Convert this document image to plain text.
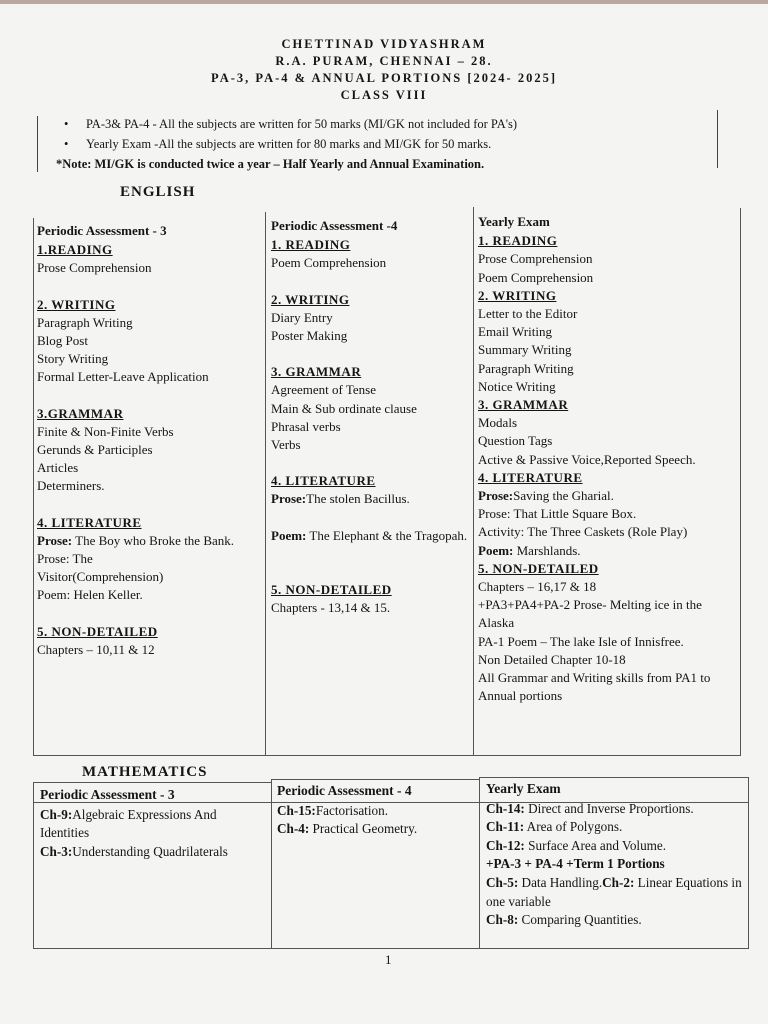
CHETTINAD VIDYASHRAM
R.A. PURAM, CHENNAI – 28.
PA-3, PA-4 & ANNUAL PORTIONS [2024- 2025]
CLASS VIII
• PA-3& PA-4 - All the subjects are written for 50 marks (MI/GK not included for PA's)
• Yearly Exam -All the subjects are written for 80 marks and MI/GK for 50 marks.
*Note: MI/GK is conducted twice a year – Half Yearly and Annual Examination.
ENGLISH
Periodic Assessment - 3
1.READING
Prose Comprehension
2. WRITING
Paragraph Writing
Blog Post
Story Writing
Formal Letter-Leave Application
3.GRAMMAR
Finite & Non-Finite Verbs
Gerunds & Participles
Articles
Determiners.
4. LITERATURE
Prose: The Boy who Broke the Bank.
Prose: The Visitor(Comprehension)
Poem: Helen Keller.
5. NON-DETAILED
Chapters – 10,11 & 12
Periodic Assessment -4
1. READING
Poem Comprehension
2. WRITING
Diary Entry
Poster Making
3. GRAMMAR
Agreement of Tense
Main & Sub ordinate clause
Phrasal verbs
Verbs
4. LITERATURE
Prose:The stolen Bacillus.
Poem: The Elephant & the Tragopah.
5. NON-DETAILED
Chapters - 13,14 & 15.
Yearly Exam
1. READING
Prose Comprehension
Poem Comprehension
2. WRITING
Letter to the Editor
Email Writing
Summary Writing
Paragraph Writing
Notice Writing
3. GRAMMAR
Modals
Question Tags
Active & Passive Voice,Reported Speech.
4. LITERATURE
Prose:Saving the Gharial.
Prose: That Little Square Box.
Activity: The Three Caskets (Role Play)
Poem: Marshlands.
5. NON-DETAILED
Chapters – 16,17 & 18
+PA3+PA4+PA-2 Prose- Melting ice in the Alaska
PA-1 Poem – The lake Isle of Innisfree.
Non Detailed Chapter 10-18
All Grammar and Writing skills from PA1 to Annual portions
MATHEMATICS
Periodic Assessment - 3
Ch-9:Algebraic Expressions And Identities
Ch-3:Understanding Quadrilaterals
Periodic Assessment - 4
Ch-15:Factorisation.
Ch-4: Practical Geometry.
Yearly Exam
Ch-14: Direct and Inverse Proportions.
Ch-11: Area of Polygons.
Ch-12: Surface Area and Volume.
+PA-3 + PA-4 +Term 1 Portions
Ch-5: Data Handling.Ch-2: Linear Equations in one variable
Ch-8: Comparing Quantities.
1
